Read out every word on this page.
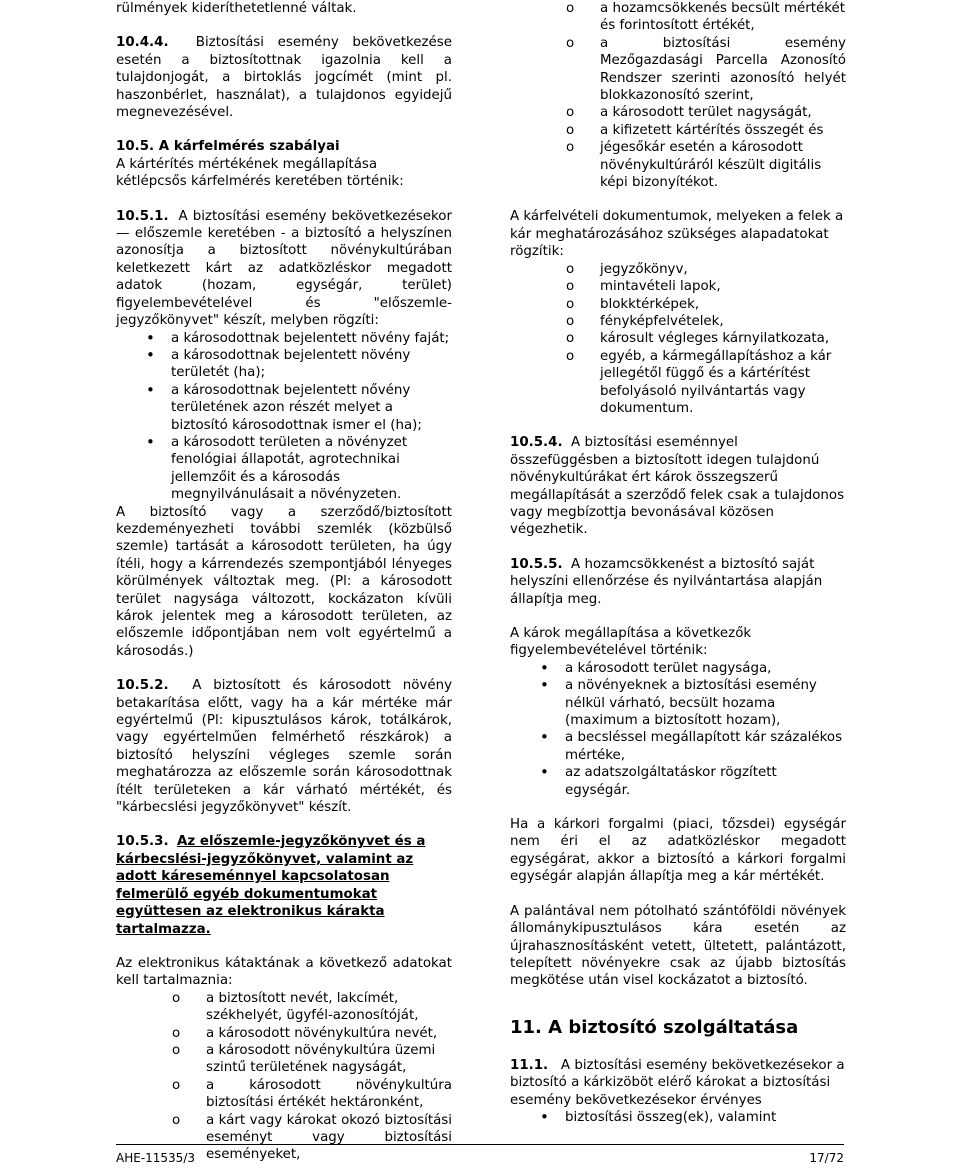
rülmények kideríthetetlenné váltak.

10.4.4. Biztosítási esemény bekövetkezése esetén a biztosítottnak igazolnia kell a tulajdonjogát, a birtoklás jogcímét (mint pl. haszonbérlet, használat), a tulajdonos egyidejű megnevezésével.

10.5. A kárfelmérés szabályai

A kártérítés mértékének megállapítása kétlépcsős kárfelmérés keretében történik:

10.5.1. A biztosítási esemény bekövetkezésekor — előszemle keretében - a biztosító a helyszínen azonosítja a biztosított növénykultúrában keletkezett kárt az adatközléskor megadott adatok (hozam, egységár, terület) figyelembevételével és "előszemle-jegyzőkönyvet" készít, melyben rögzíti:

• a károsodottnak bejelentett növény faját;
• a károsodottnak bejelentett növény területét (ha);
• a károsodottnak bejelentett nővény területének azon részét melyet a biztosító károsodottnak ismer el (ha);
• a károsodott területen a növényzet fenológiai állapotát, agrotechnikai jellemzőit és a károsodás megnyilvánulásait a növényzeten.

A biztosító vagy a szerződő/biztosított kezdeményezheti további szemlék (közbülső szemle) tartását a károsodott területen, ha úgy ítéli, hogy a kárrendezés szempontjából lényeges körülmények változtak meg. (Pl: a károsodott terület nagysága változott, kockázaton kívüli károk jelentek meg a károsodott területen, az előszemle időpontjában nem volt egyértelmű a károsodás.)

10.5.2. A biztosított és károsodott növény betakarítása előtt, vagy ha a kár mértéke már egyértelmű (Pl: kipusztulásos károk, totálkárok, vagy egyértelműen felmérhető részkárok) a biztosító helyszíni végleges szemle során meghatározza az előszemle során károsodottnak ítélt területeken a kár várható mértékét, és "kárbecslési jegyzőkönyvet" készít.

10.5.3. Az előszemle-jegyzőkönyvet és a kárbecslési-jegyzőkönyvet, valamint az adott káreseménnyel kapcsolatosan felmerülő egyéb dokumentumokat együttesen az elektronikus kárakta tartalmazza.

Az elektronikus kátaktának a következő adatokat kell tartalmaznia:

o a biztosított nevét, lakcímét, székhelyét, ügyfél-azonosítóját,
o a károsodott növénykultúra nevét,
o a károsodott növénykultúra üzemi szintű területének nagyságát,
o a károsodott növénykultúra biztosítási értékét hektáronként,
o a kárt vagy károkat okozó biztosítási eseményt vagy biztosítási eseményeket,
o a hozamcsökkenés becsült mértékét és forintosított értékét,
o a biztosítási esemény Mezőgazdasági Parcella Azonosító Rendszer szerinti azonosító helyét blokkazonosító szerint,
o a károsodott terület nagyságát,
o a kifizetett kártérítés összegét és
o jégesőkár esetén a károsodott növénykultúráról készült digitális képi bizonyítékot.

A kárfelvételi dokumentumok, melyeken a felek a kár meghatározásához szükséges alapadatokat rögzítik:

o jegyzőkönyv,
o mintavételi lapok,
o blokktérképek,
o fényképfelvételek,
o károsult végleges kárnyilatkozata,
o egyéb, a kármegállapításhoz a kár jellegétől függő és a kártérítést befolyásoló nyilvántartás vagy dokumentum.

10.5.4. A biztosítási eseménnyel összefüggésben a biztosított idegen tulajdonú növénykultúrákat ért károk összegszerű megállapítását a szerződő felek csak a tulajdonos vagy megbízottja bevonásával közösen végezhetik.

10.5.5. A hozamcsökkenést a biztosító saját helyszíni ellenőrzése és nyilvántartása alapján állapítja meg.

A károk megállapítása a következők figyelembevételével történik:

• a károsodott terület nagysága,
• a növényeknek a biztosítási esemény nélkül várható, becsült hozama (maximum a biztosított hozam),
• a becsléssel megállapított kár százalékos mértéke,
• az adatszolgáltatáskor rögzített egységár.

Ha a kárkori forgalmi (piaci, tőzsdei) egységár nem éri el az adatközléskor megadott egységárat, akkor a biztosító a kárkori forgalmi egységár alapján állapítja meg a kár mértékét.

A palántával nem pótolható szántóföldi növények állománykipusztulásos kára esetén az újrahasznosításként vetett, ültetett, palántázott, telepített növényekre csak az újabb biztosítás megkötése után visel kockázatot a biztosító.

11. A biztosító szolgáltatása

11.1. A biztosítási esemény bekövetkezésekor a biztosító a kárkizöböt elérő károkat a biztosítási esemény bekövetkezésekor érvényes

• biztosítási összeg(ek), valamint
AHE-11535/3	17/72
